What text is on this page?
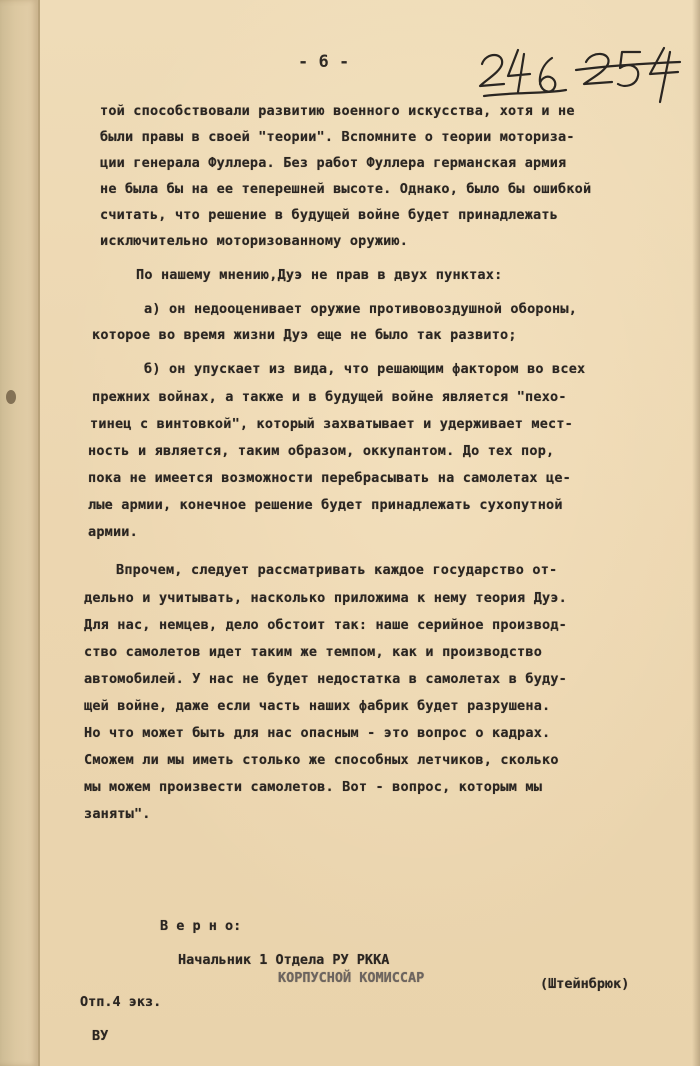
- 6 -
той способствовали развитию военного искусства, хотя и не
были правы в своей "теории". Вспомните о теории моториза-
ции генерала Фуллера. Без работ Фуллера германская армия
не была бы на ее теперешней высоте. Однако, было бы ошибкой
считать, что решение в будущей войне будет принадлежать
исключительно моторизованному оружию.
По нашему мнению,Дуэ не прав в двух пунктах:
а) он недооценивает оружие противовоздушной обороны,
которое во время жизни Дуэ еще не было так развито;
б) он упускает из вида, что решающим фактором во всех
прежних войнах, а также и в будущей войне является "пехо-
тинец с винтовкой", который захватывает и удерживает мест-
ность и является, таким образом, оккупантом. До тех пор,
пока не имеется возможности перебрасывать на самолетах це-
лые армии, конечное решение будет принадлежать сухопутной
армии.
Впрочем, следует рассматривать каждое государство от-
дельно и учитывать, насколько приложима к нему теория Дуэ.
Для нас, немцев, дело обстоит так: наше серийное производ-
ство самолетов идет таким же темпом, как и производство
автомобилей. У нас не будет недостатка в самолетах в буду-
щей войне, даже если часть наших фабрик будет разрушена.
Но что может быть для нас опасным - это вопрос о кадрах.
Сможем ли мы иметь столько же способных летчиков, сколько
мы можем произвести самолетов. Вот - вопрос, которым мы
заняты".
В е р н о:
Начальник 1 Отдела РУ РККА
КОРПУСНОЙ КОМИССАР	(Штейнбрюк)
Отп.4 экз.
ВУ
